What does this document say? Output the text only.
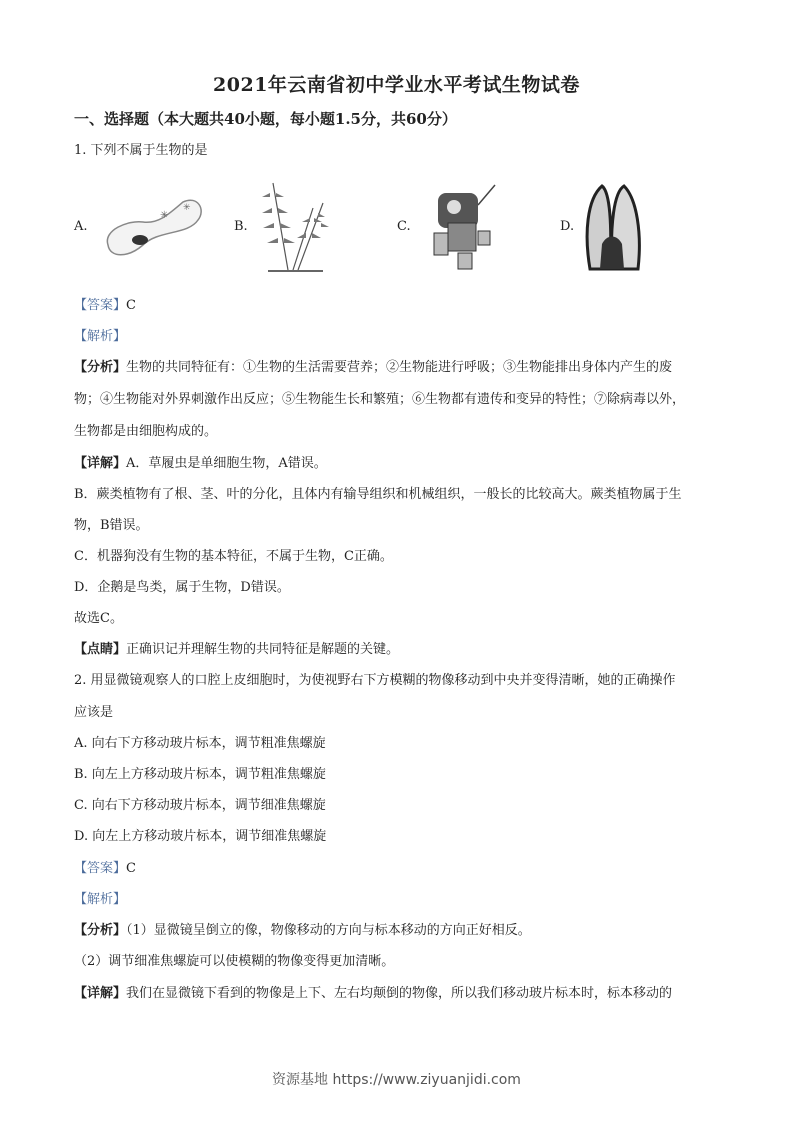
2021年云南省初中学业水平考试生物试卷
一、选择题（本大题共40小题，每小题1.5分，共60分）
1. 下列不属于生物的是
A.
✳
✳
B.	C.	D.
【答案】C
【解析】
【分析】生物的共同特征有：①生物的生活需要营养；②生物能进行呼吸；③生物能排出身体内产生的废
物；④生物能对外界刺激作出反应；⑤生物能生长和繁殖；⑥生物都有遗传和变异的特性；⑦除病毒以外，
生物都是由细胞构成的。
【详解】A．草履虫是单细胞生物，A错误。
B．蕨类植物有了根、茎、叶的分化，且体内有输导组织和机械组织，一般长的比较高大。蕨类植物属于生
物，B错误。
C．机器狗没有生物的基本特征，不属于生物，C正确。
D．企鹅是鸟类，属于生物，D错误。
故选C。
【点睛】正确识记并理解生物的共同特征是解题的关键。
2. 用显微镜观察人的口腔上皮细胞时，为使视野右下方模糊的物像移动到中央并变得清晰，她的正确操作
应该是
A. 向右下方移动玻片标本，调节粗准焦螺旋
B. 向左上方移动玻片标本，调节粗准焦螺旋
C. 向右下方移动玻片标本，调节细准焦螺旋
D. 向左上方移动玻片标本，调节细准焦螺旋
【答案】C
【解析】
【分析】（1）显微镜呈倒立的像，物像移动的方向与标本移动的方向正好相反。
（2）调节细准焦螺旋可以使模糊的物像变得更加清晰。
【详解】我们在显微镜下看到的物像是上下、左右均颠倒的物像，所以我们移动玻片标本时，标本移动的
资源基地 https://www.ziyuanjidi.com
